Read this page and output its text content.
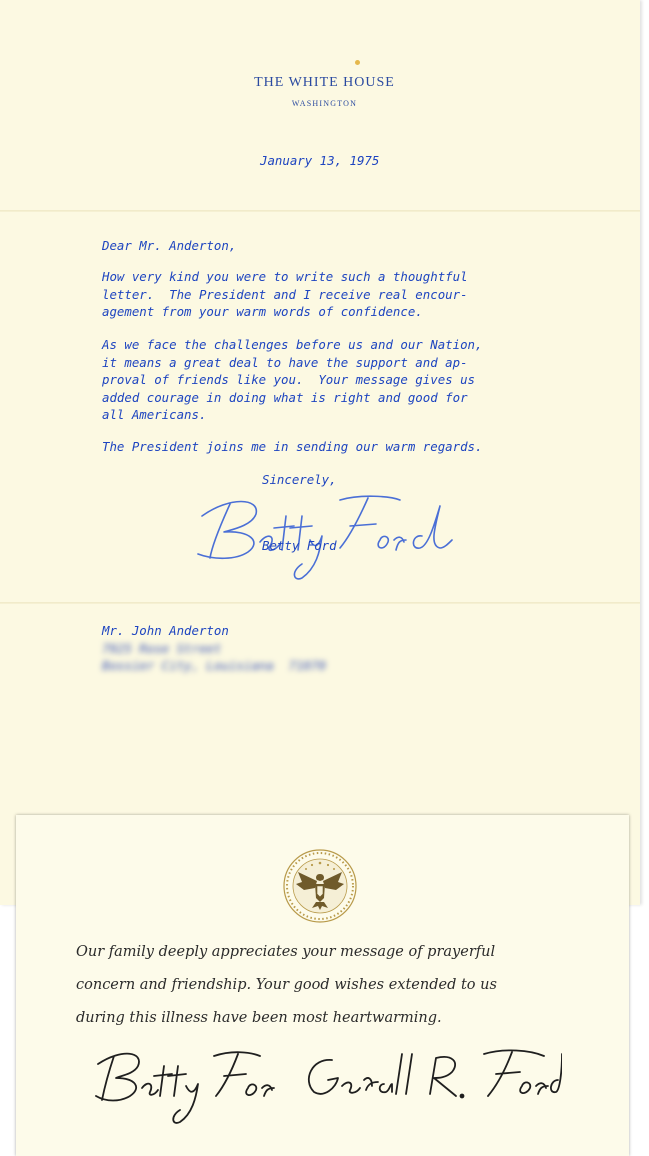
THE WHITE HOUSE
WASHINGTON
January 13, 1975
Dear Mr. Anderton,
How very kind you were to write such a thoughtful
letter.  The President and I receive real encour-
agement from your warm words of confidence.
As we face the challenges before us and our Nation,
it means a great deal to have the support and ap-
proval of friends like you.  Your message gives us
added courage in doing what is right and good for
all Americans.
The President joins me in sending our warm regards.
Sincerely,
Betty Ford
Mr. John Anderton
7925 Rose Street
Bossier City, Louisiana  71070
Our family deeply appreciates your message of prayerful
concern and friendship. Your good wishes extended to us
during this illness have been most heartwarming.
